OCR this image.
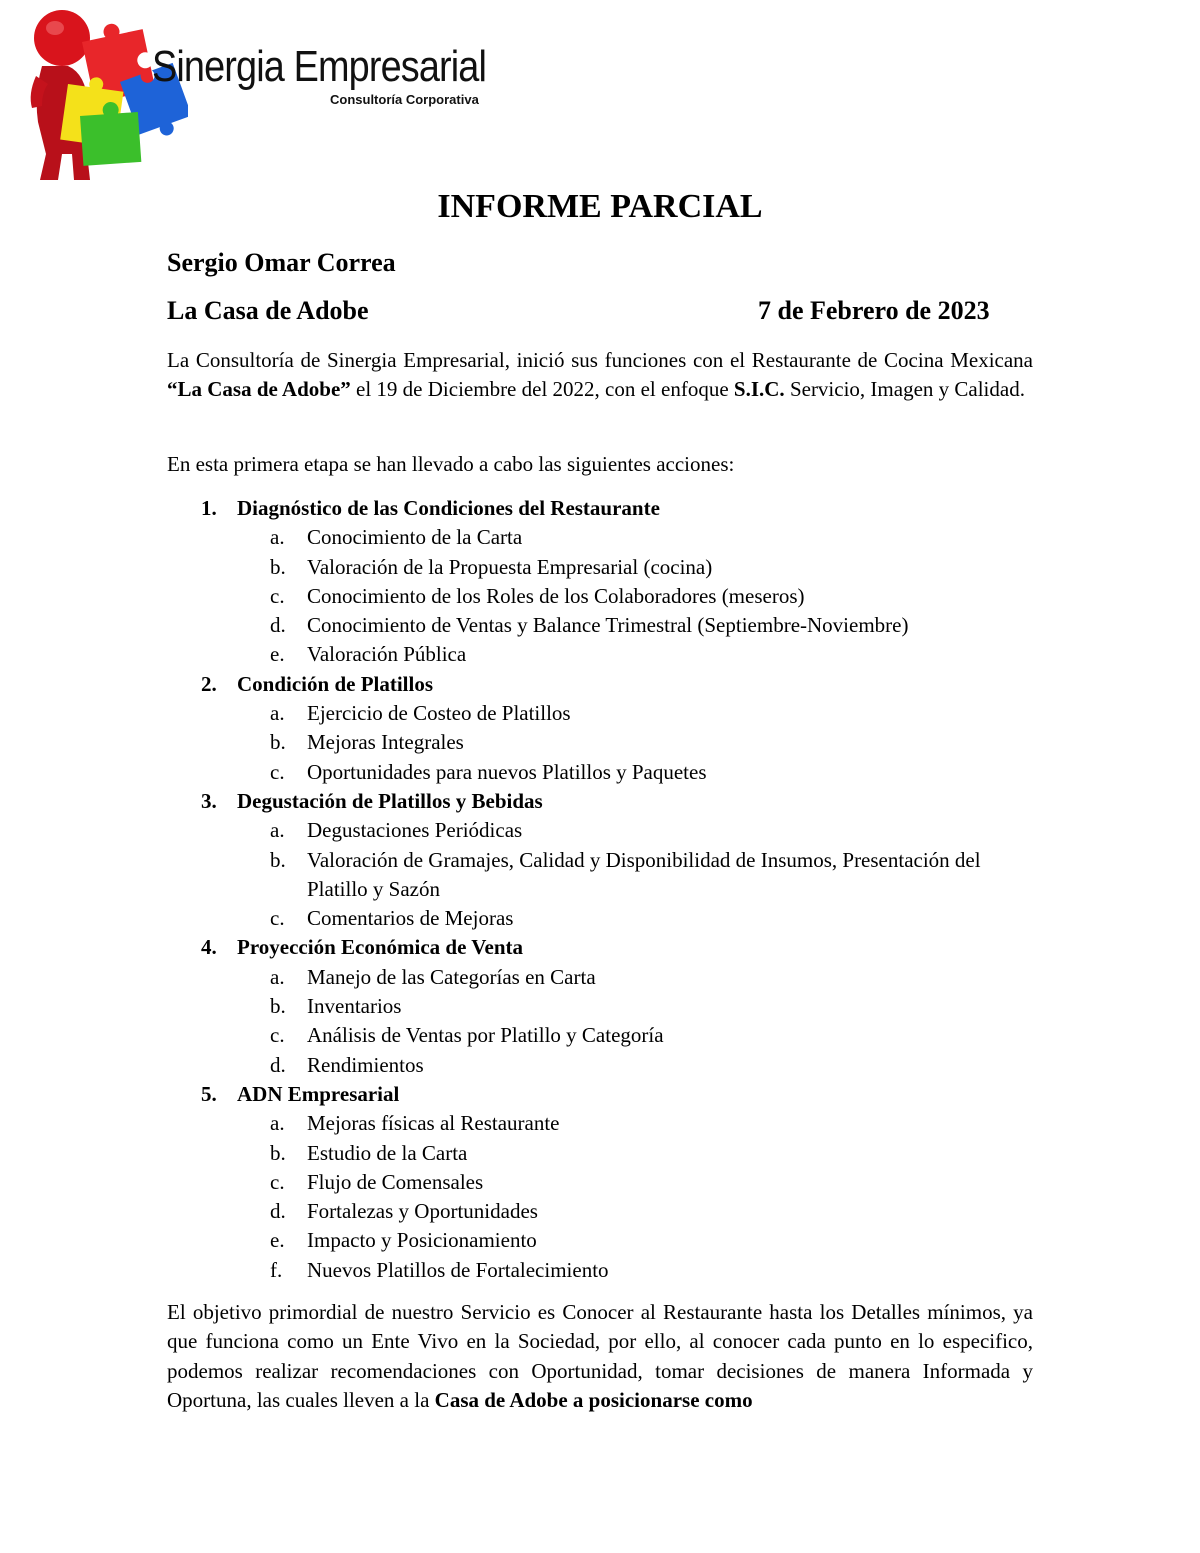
Sinergia Empresarial
Consultoría Corporativa
INFORME PARCIAL
Sergio Omar Correa
La Casa de Adobe	7 de Febrero de 2023
La Consultoría de Sinergia Empresarial, inició sus funciones con el Restaurante de Cocina Mexicana “La Casa de Adobe” el 19 de Diciembre del 2022, con el enfoque S.I.C. Servicio, Imagen y Calidad.
En esta primera etapa se han llevado a cabo las siguientes acciones:
1. Diagnóstico de las Condiciones del Restaurante
a. Conocimiento de la Carta
b. Valoración de la Propuesta Empresarial (cocina)
c. Conocimiento de los Roles de los Colaboradores (meseros)
d. Conocimiento de Ventas y Balance Trimestral (Septiembre-Noviembre)
e. Valoración Pública
2. Condición de Platillos
a. Ejercicio de Costeo de Platillos
b. Mejoras Integrales
c. Oportunidades para nuevos Platillos y Paquetes
3. Degustación de Platillos y Bebidas
a. Degustaciones Periódicas
b. Valoración de Gramajes, Calidad y Disponibilidad de Insumos, Presentación del Platillo y Sazón
c. Comentarios de Mejoras
4. Proyección Económica de Venta
a. Manejo de las Categorías en Carta
b. Inventarios
c. Análisis de Ventas por Platillo y Categoría
d. Rendimientos
5. ADN Empresarial
a. Mejoras físicas al Restaurante
b. Estudio de la Carta
c. Flujo de Comensales
d. Fortalezas y Oportunidades
e. Impacto y Posicionamiento
f. Nuevos Platillos de Fortalecimiento
El objetivo primordial de nuestro Servicio es Conocer al Restaurante hasta los Detalles mínimos, ya que funciona como un Ente Vivo en la Sociedad, por ello, al conocer cada punto en lo especifico, podemos realizar recomendaciones con Oportunidad, tomar decisiones de manera Informada y Oportuna, las cuales lleven a la Casa de Adobe a posicionarse como
